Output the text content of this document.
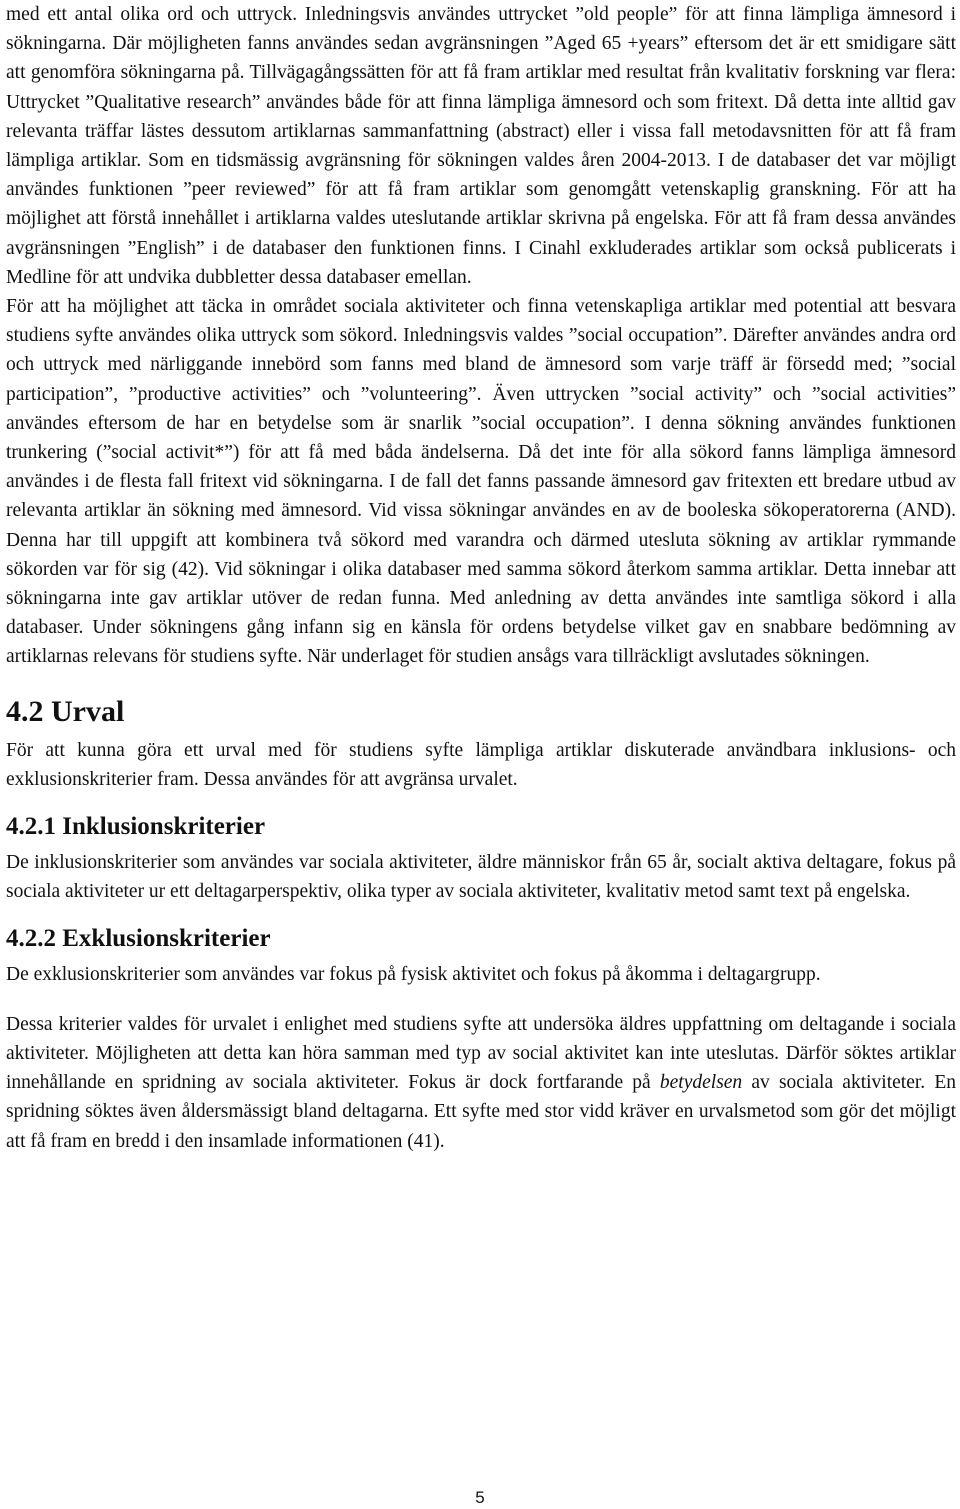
med ett antal olika ord och uttryck. Inledningsvis användes uttrycket ”old people” för att finna lämpliga ämnesord i sökningarna. Där möjligheten fanns användes sedan avgränsningen ”Aged 65 +years” eftersom det är ett smidigare sätt att genomföra sökningarna på. Tillvägagångssätten för att få fram artiklar med resultat från kvalitativ forskning var flera: Uttrycket ”Qualitative research” användes både för att finna lämpliga ämnesord och som fritext. Då detta inte alltid gav relevanta träffar lästes dessutom artiklarnas sammanfattning (abstract) eller i vissa fall metodavsnitten för att få fram lämpliga artiklar. Som en tidsmässig avgränsning för sökningen valdes åren 2004-2013. I de databaser det var möjligt användes funktionen ”peer reviewed” för att få fram artiklar som genomgått vetenskaplig granskning. För att ha möjlighet att förstå innehållet i artiklarna valdes uteslutande artiklar skrivna på engelska. För att få fram dessa användes avgränsningen ”English” i de databaser den funktionen finns. I Cinahl exkluderades artiklar som också publicerats i Medline för att undvika dubbletter dessa databaser emellan.

För att ha möjlighet att täcka in området sociala aktiviteter och finna vetenskapliga artiklar med potential att besvara studiens syfte användes olika uttryck som sökord. Inledningsvis valdes ”social occupation”. Därefter användes andra ord och uttryck med närliggande innebörd som fanns med bland de ämnesord som varje träff är försedd med; ”social participation”, ”productive activities” och ”volunteering”. Även uttrycken ”social activity” och ”social activities” användes eftersom de har en betydelse som är snarlik ”social occupation”. I denna sökning användes funktionen trunkering (”social activit*”) för att få med båda ändelserna. Då det inte för alla sökord fanns lämpliga ämnesord användes i de flesta fall fritext vid sökningarna. I de fall det fanns passande ämnesord gav fritexten ett bredare utbud av relevanta artiklar än sökning med ämnesord. Vid vissa sökningar användes en av de booleska sökoperatorerna (AND). Denna har till uppgift att kombinera två sökord med varandra och därmed utesluta sökning av artiklar rymmande sökorden var för sig (42). Vid sökningar i olika databaser med samma sökord återkom samma artiklar. Detta innebar att sökningarna inte gav artiklar utöver de redan funna. Med anledning av detta användes inte samtliga sökord i alla databaser. Under sökningens gång infann sig en känsla för ordens betydelse vilket gav en snabbare bedömning av artiklarnas relevans för studiens syfte. När underlaget för studien ansågs vara tillräckligt avslutades sökningen.

4.2 Urval

För att kunna göra ett urval med för studiens syfte lämpliga artiklar diskuterade användbara inklusions- och exklusionskriterier fram. Dessa användes för att avgränsa urvalet.

4.2.1 Inklusionskriterier

De inklusionskriterier som användes var sociala aktiviteter, äldre människor från 65 år, socialt aktiva deltagare, fokus på sociala aktiviteter ur ett deltagarperspektiv, olika typer av sociala aktiviteter, kvalitativ metod samt text på engelska.

4.2.2 Exklusionskriterier

De exklusionskriterier som användes var fokus på fysisk aktivitet och fokus på åkomma i deltagargrupp.

Dessa kriterier valdes för urvalet i enlighet med studiens syfte att undersöka äldres uppfattning om deltagande i sociala aktiviteter. Möjligheten att detta kan höra samman med typ av social aktivitet kan inte uteslutas. Därför söktes artiklar innehållande en spridning av sociala aktiviteter. Fokus är dock fortfarande på betydelsen av sociala aktiviteter. En spridning söktes även åldersmässigt bland deltagarna. Ett syfte med stor vidd kräver en urvalsmetod som gör det möjligt att få fram en bredd i den insamlade informationen (41).

5
